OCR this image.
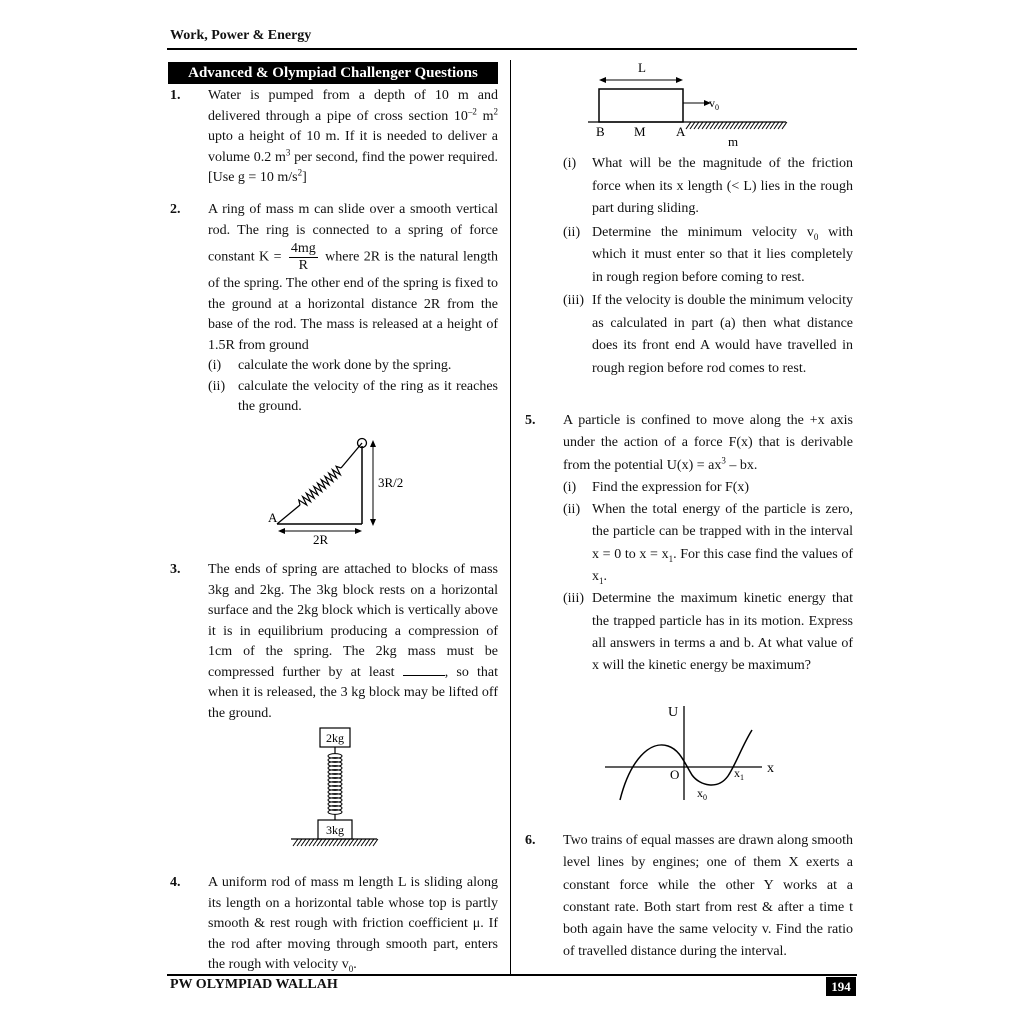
Work, Power & Energy
PW OLYMPIAD WALLAH	194
Advanced & Olympiad Challenger Questions
1. Water is pumped from a depth of 10 m and delivered through a pipe of cross section $10^{-2}$ $m^2$ upto a height of 10 m. If it is needed to deliver a volume 0.2 $m^3$ per second, find the power required. [Use g = 10 $m/s^2$]
2. A ring of mass m can slide over a smooth vertical rod. The ring is connected to a spring of force constant $K = \frac{4mg}{R}$ where 2R is the natural length of the spring. The other end of the spring is fixed to the ground at a horizontal distance 2R from the base of the rod. The mass is released at a height of 1.5R from ground
(i)	calculate the work done by the spring.
(ii) calculate the velocity of the ring as it reaches the ground.
3R/2
2R
A
3. The ends of spring are attached to blocks of mass 3kg and 2kg. The 3kg block rests on a horizontal surface and the 2kg block which is vertically above it is in equilibrium producing a compression of 1cm of the spring. The 2kg mass must be compressed further by at least	, so that when it is released, the 3 kg block may be lifted off the ground.
2kg
3kg
4. A uniform rod of mass m length L is sliding along its length on a horizontal table whose top is partly smooth & rest rough with friction coefficient μ. If the rod after moving through smooth part, enters the rough with velocity $v_0$.
L
$v_0$
B M A
m
(i)	What will be the magnitude of the friction force when its x length (< L) lies in the rough part during sliding.
(ii) Determine the minimum velocity $v_0$ with which it must enter so that it lies completely in rough region before coming to rest.
(iii) If the velocity is double the minimum velocity as calculated in part (a) then what distance does its front end A would have travelled in rough region before rod comes to rest.
5. A particle is confined to move along the +x axis under the action of a force F(x) that is derivable from the potential $U(x) = ax^3$ – bx.
(i)	Find the expression for F(x)
(ii) When the total energy of the particle is zero, the particle can be trapped with in the interval x = 0 to $x = x_1$. For this case find the values of $x_1$.
(iii) Determine the maximum kinetic energy that the trapped particle has in its motion. Express all answers in terms a and b. At what value of x will the kinetic energy be maximum?
U
x
O	$x_1$
$x_0$
6. Two trains of equal masses are drawn along smooth level lines by engines; one of them X exerts a constant force while the other Y works at a constant rate. Both start from rest & after a time t both again have the same velocity v. Find the ratio of travelled distance during the interval.
